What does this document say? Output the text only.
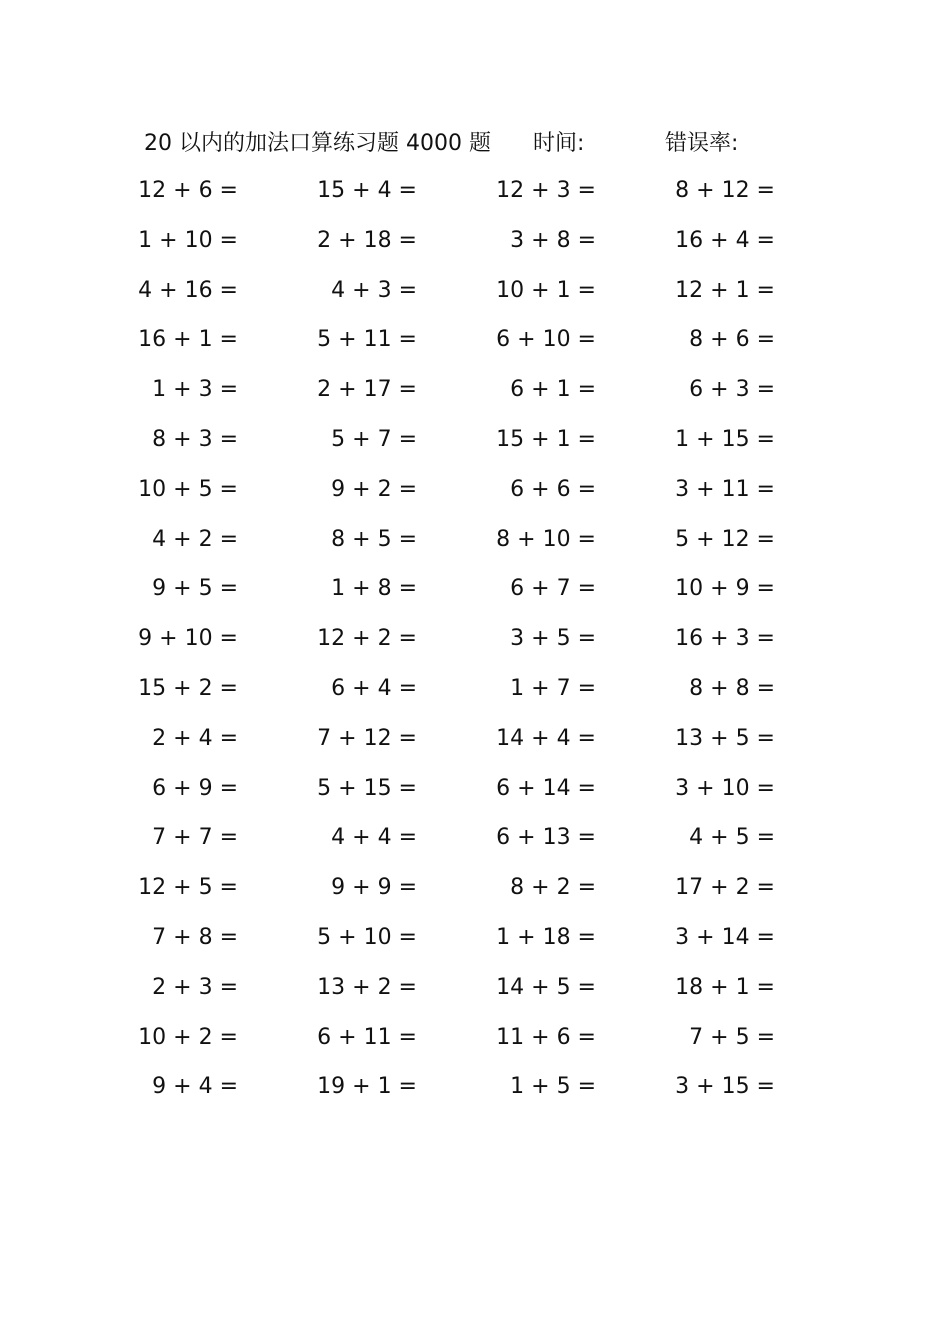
20 以内的加法口算练习题 4000 题 时间:	错误率:
12 + 6 =	15 + 4 =	12 + 3 =	8 + 12 =
1 + 10 =	2 + 18 =	3 + 8 =	16 + 4 =
4 + 16 =	4 + 3 =	10 + 1 =	12 + 1 =
16 + 1 =	5 + 11 =	6 + 10 =	8 + 6 =
1 + 3 =	2 + 17 =	6 + 1 =	6 + 3 =
8 + 3 =	5 + 7 =	15 + 1 =	1 + 15 =
10 + 5 =	9 + 2 =	6 + 6 =	3 + 11 =
4 + 2 =	8 + 5 =	8 + 10 =	5 + 12 =
9 + 5 =	1 + 8 =	6 + 7 =	10 + 9 =
9 + 10 =	12 + 2 =	3 + 5 =	16 + 3 =
15 + 2 =	6 + 4 =	1 + 7 =	8 + 8 =
2 + 4 =	7 + 12 =	14 + 4 =	13 + 5 =
6 + 9 =	5 + 15 =	6 + 14 =	3 + 10 =
7 + 7 =	4 + 4 =	6 + 13 =	4 + 5 =
12 + 5 =	9 + 9 =	8 + 2 =	17 + 2 =
7 + 8 =	5 + 10 =	1 + 18 =	3 + 14 =
2 + 3 =	13 + 2 =	14 + 5 =	18 + 1 =
10 + 2 =	6 + 11 =	11 + 6 =	7 + 5 =
9 + 4 =	19 + 1 =	1 + 5 =	3 + 15 =
